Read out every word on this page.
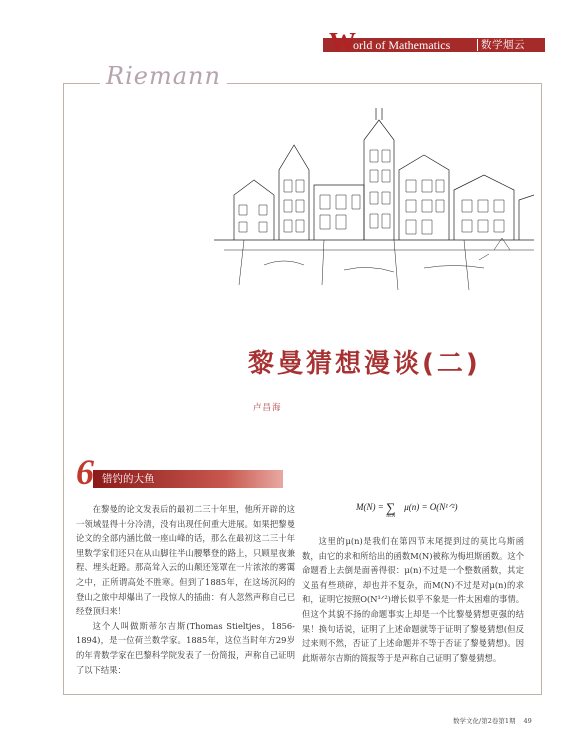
W
orld of Mathematics	数学烟云
Riemann
黎曼猜想漫谈(二)
卢昌海
6 错钓的大鱼

在黎曼的论文发表后的最初二三十年里，他所开辟的这一领域显得十分冷清，没有出现任何重大进展。如果把黎曼论文的全部内涵比做一座山峰的话，那么在最初这二三十年里数学家们还只在从山脚往半山腰攀登的路上，只顾星夜兼程、埋头赶路。那高耸入云的山颠还笼罩在一片浓浓的雾霭之中，正所谓高处不胜寒。但到了1885年，在这场沉闷的登山之旅中却爆出了一段惊人的插曲：有人忽然声称自己已经登顶归来！

这个人叫做斯蒂尔吉斯(Thomas Stieltjes，1856-1894)，是一位荷兰数学家。1885年，这位当时年方29岁的年青数学家在巴黎科学院发表了一份简报，声称自己证明了以下结果：

$M(N) = \sum_{n\le N}\mu(n)$ = O(N¹ᐟ²)

这里的μ(n)是我们在第四节末尾提到过的莫比乌斯函数，由它的求和所给出的函数M(N)被称为梅坦斯函数。这个命题看上去倒是面善得很：μ(n)不过是一个整数函数，其定义虽有些琐碎，却也并不复杂，而M(N)不过是对μ(n)的求和，证明它按照O(N¹ᐟ²)增长似乎不象是一件太困难的事情。但这个其貌不扬的命题事实上却是一个比黎曼猜想更强的结果！换句话说，证明了上述命题就等于证明了黎曼猜想(但反过来则不然，否证了上述命题并不等于否证了黎曼猜想)。因此斯蒂尔吉斯的简报等于是声称自己证明了黎曼猜想。

数学文化/第2卷第1期 49
